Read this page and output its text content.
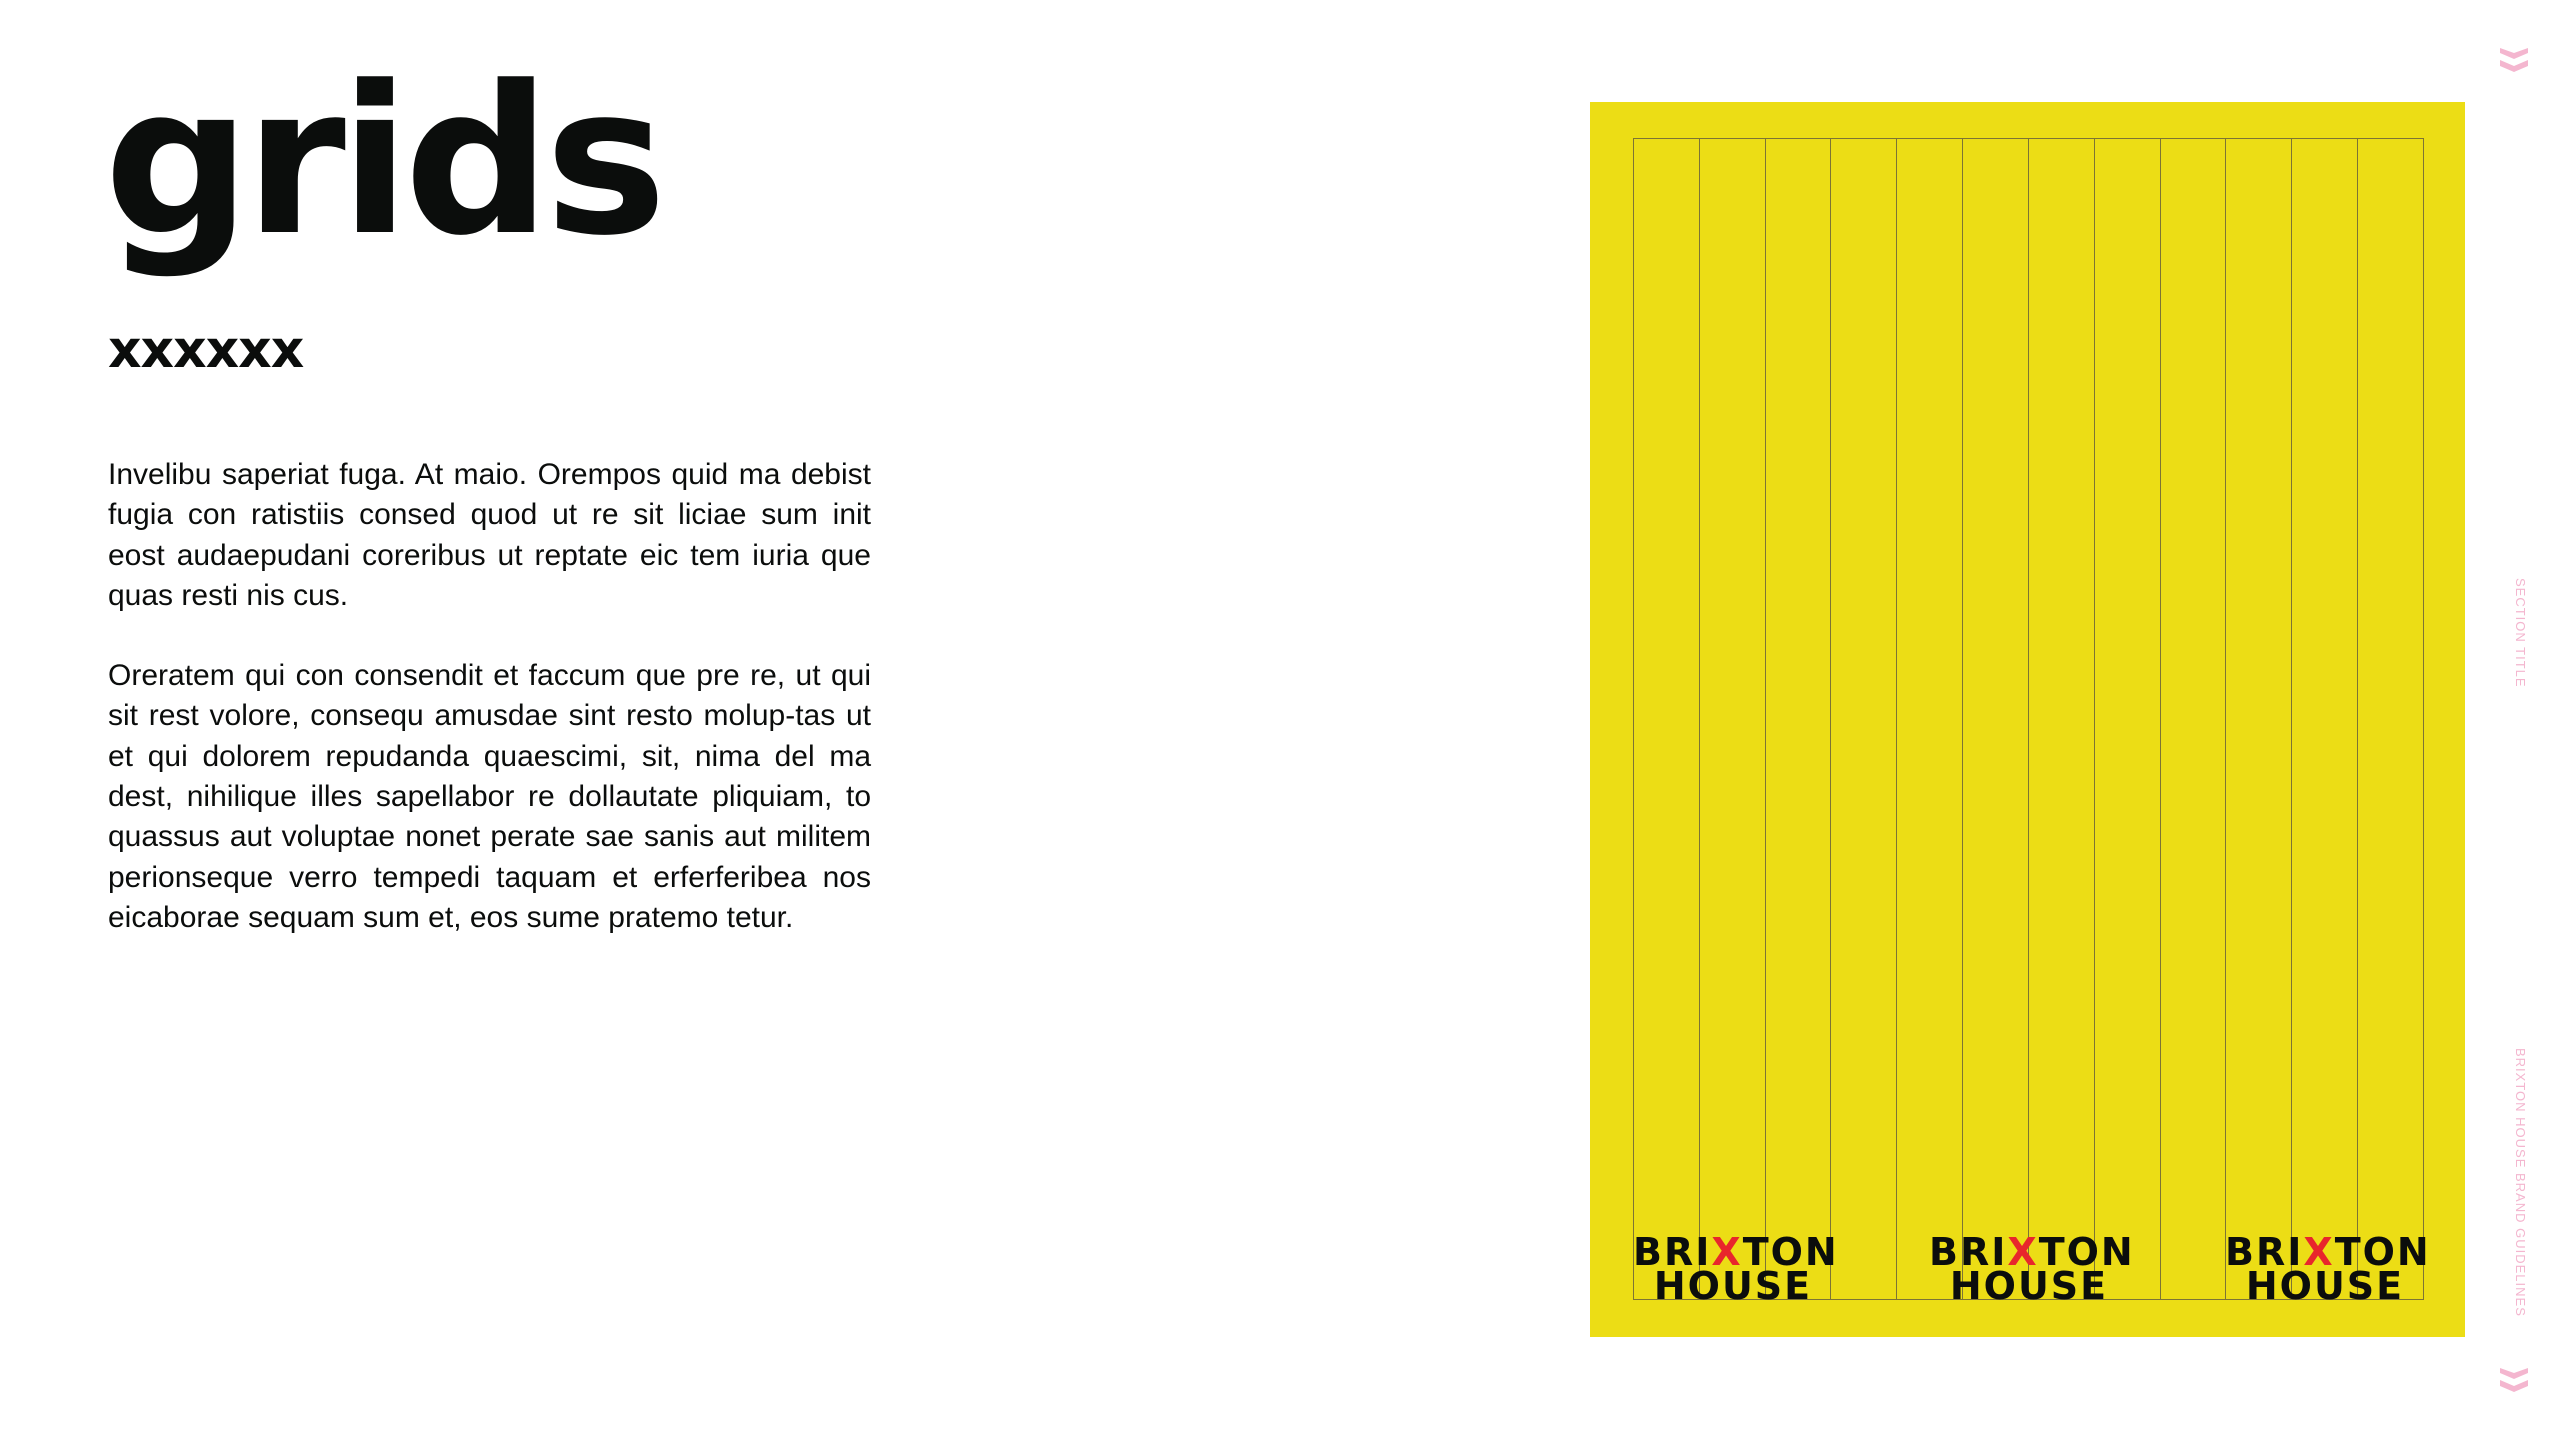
grids
xxxxxx

Invelibu saperiat fuga. At maio. Orempos quid ma debist fugia con ratistiis consed quod ut re sit liciae sum init eost audaepudani coreribus ut reptate eic tem iuria que quas resti nis cus.

Oreratem qui con consendit et faccum que pre re, ut qui sit rest volore, consequ amusdae sint resto molup-tas ut et qui dolorem repudanda quaescimi, sit, nima del ma dest, nihilique illes sapellabor re dollautate pliquiam, to quassus aut voluptae nonet perate sae sanis aut militem perionseque verro tempedi taquam et erferferibea nos eicaborae sequam sum et, eos sume pratemo tetur.

BRIXTON
HOUSE
BRIXTON
HOUSE
BRIXTON
HOUSE
SECTION TITLE
BRIXTON HOUSE BRAND GUIDELINES
